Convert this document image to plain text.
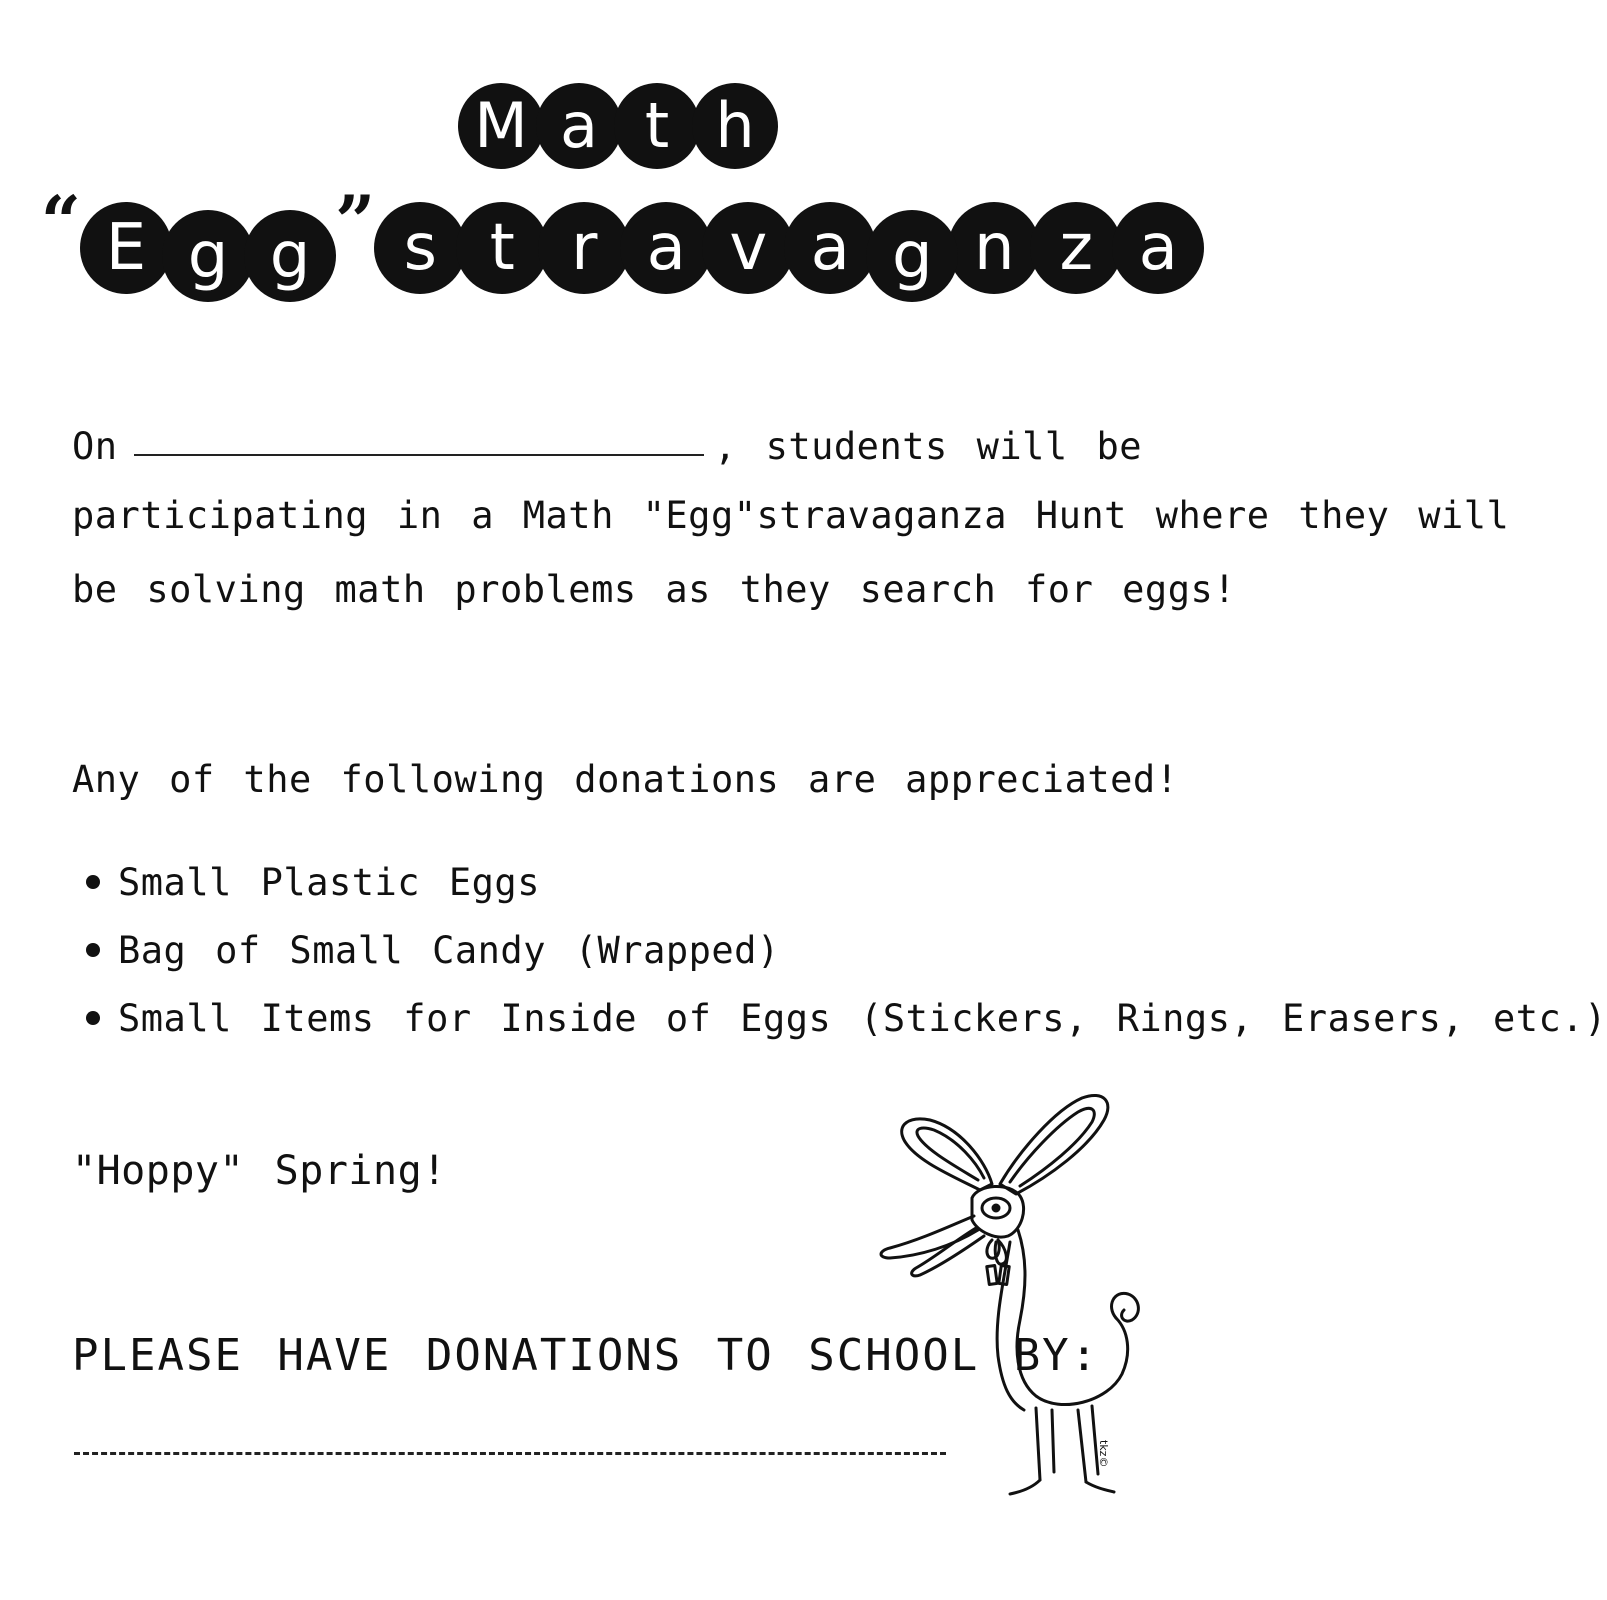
M a t h
“ E g g ” s t r a v a g n z a
On	, students will be
participating in a Math "Egg"stravaganza Hunt where they will
be solving math problems as they search for eggs!
Any of the following donations are appreciated!
Small Plastic Eggs
Bag of Small Candy (Wrapped)
Small Items for Inside of Eggs (Stickers, Rings, Erasers, etc.)
"Hoppy" Spring!
PLEASE HAVE DONATIONS TO SCHOOL BY:
tkz©
